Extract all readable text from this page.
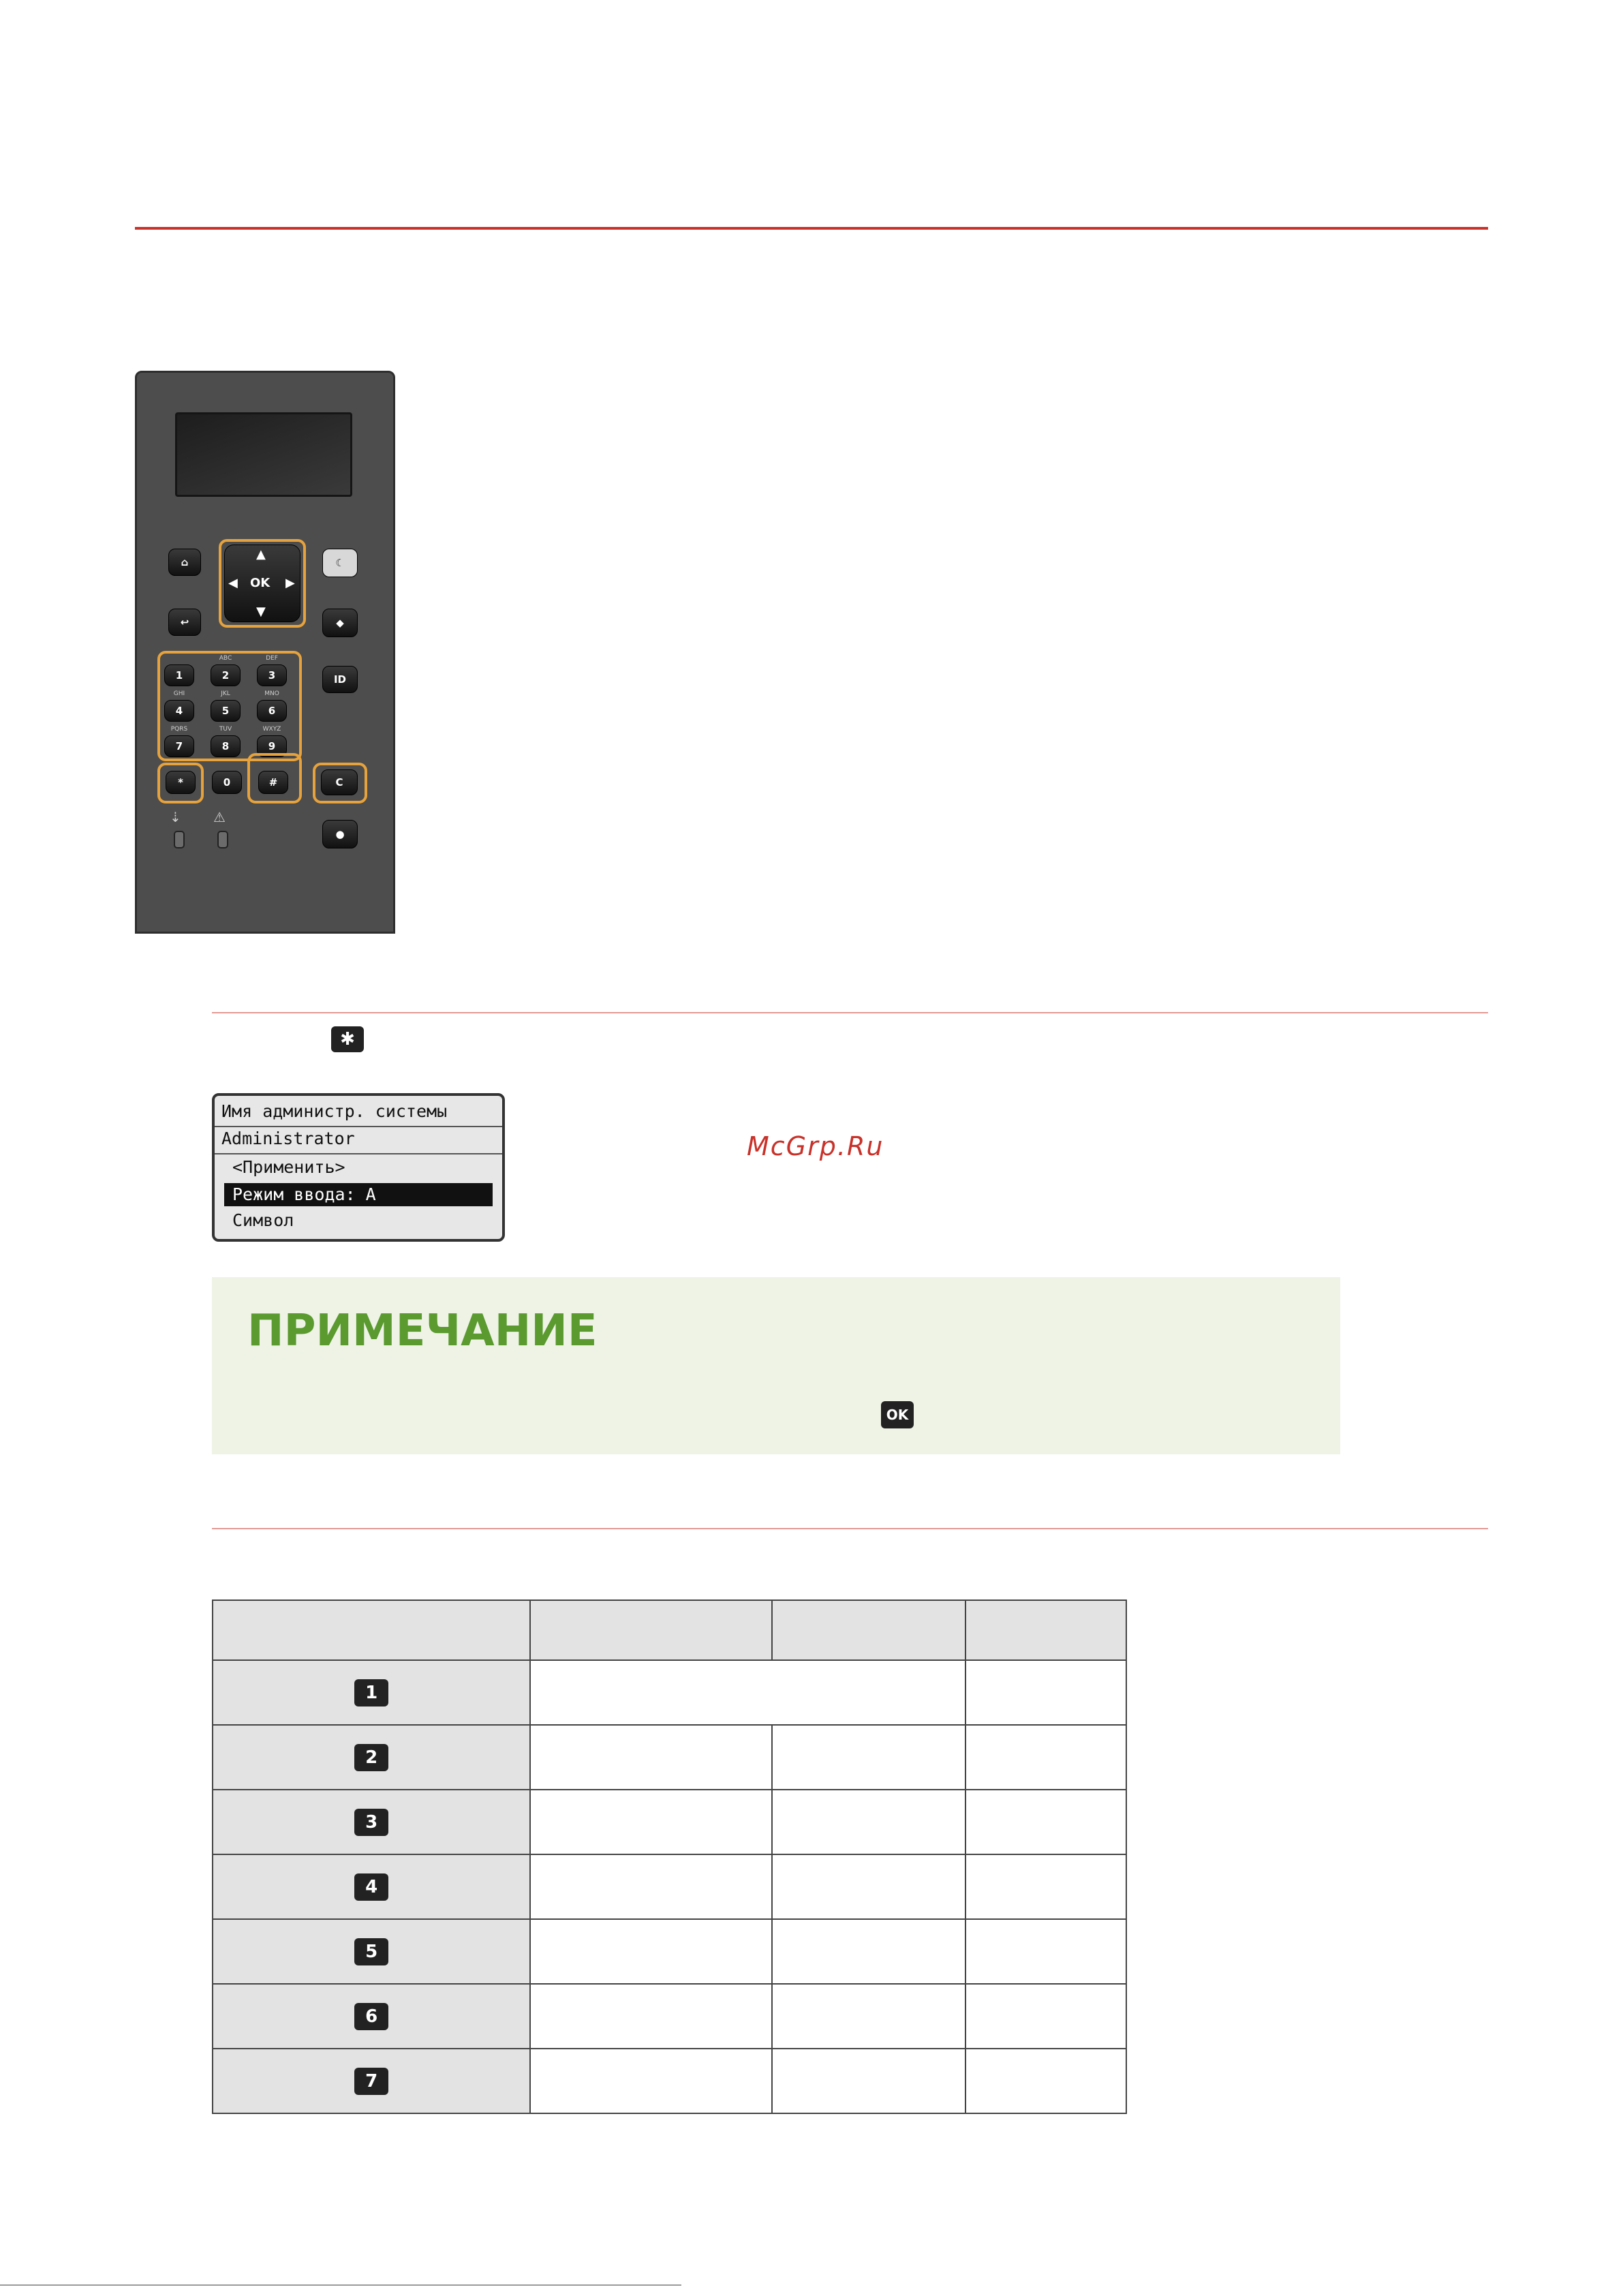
⌂
↩
▲
▼
◀	▶
OK
☾
◆
ID
1
ABC
2
DEF
3
GHI
4
JKL
5
MNO
6
PQRS
7
TUV
8
WXYZ
9
*	0	#	C
●
⇣ ⚠
✱
Имя администр. системы
Administrator
<Применить>
Режим ввода: A
Символ
McGrp.Ru
ПРИМЕЧАНИЕ
OK

1			
2			
3			
4			
5			
6			
7			
